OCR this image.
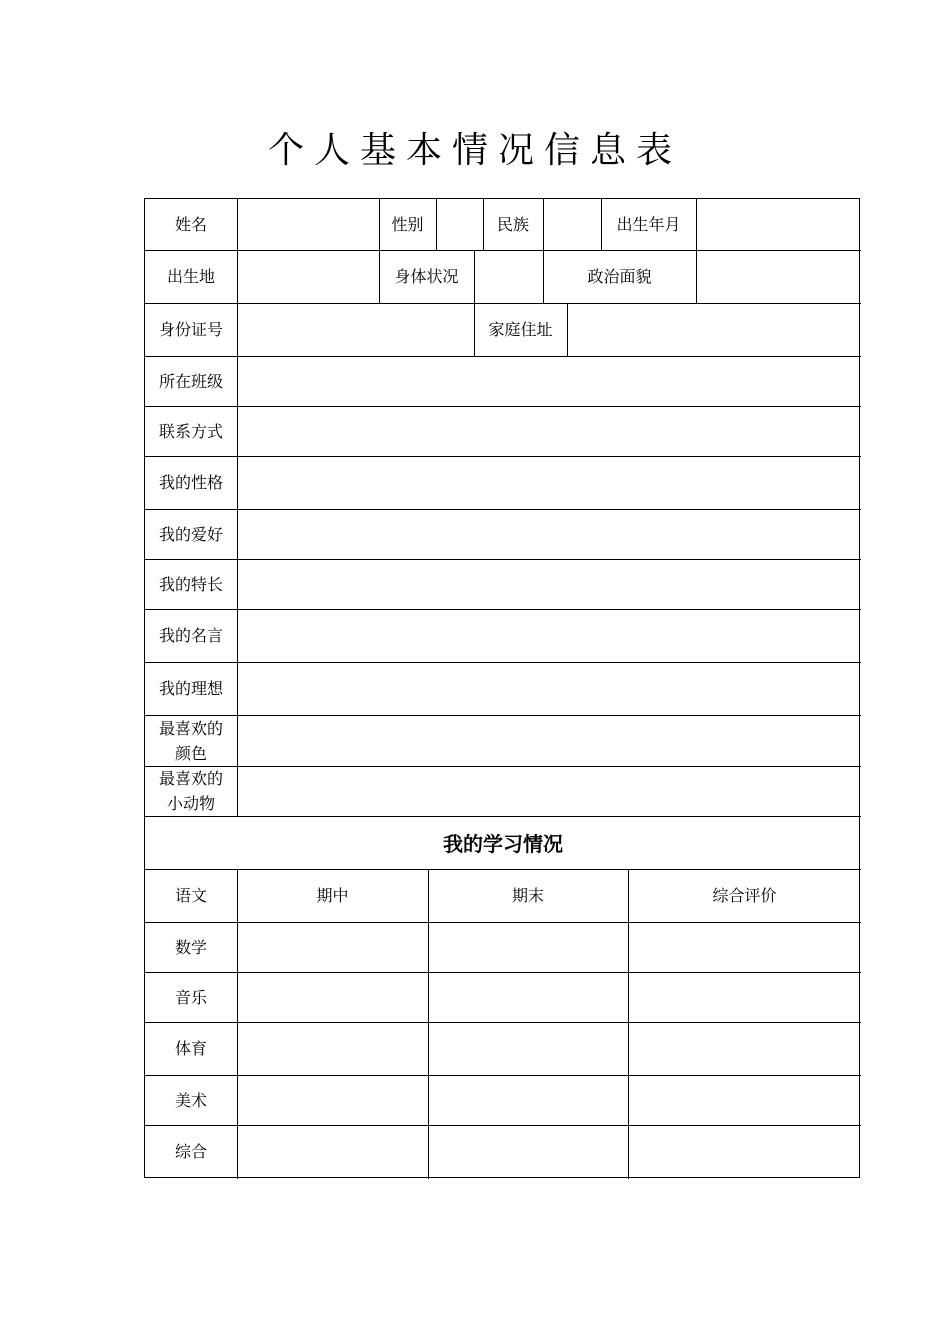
个人基本情况信息表
姓名	性别	民族	出生年月
出生地	身体状况	政治面貌
身份证号	家庭住址
所在班级
联系方式
我的性格
我的爱好
我的特长
我的名言
我的理想
最喜欢的颜色
最喜欢的小动物
我的学习情况
语文	期中	期末	综合评价
数学
音乐
体育
美术
综合
